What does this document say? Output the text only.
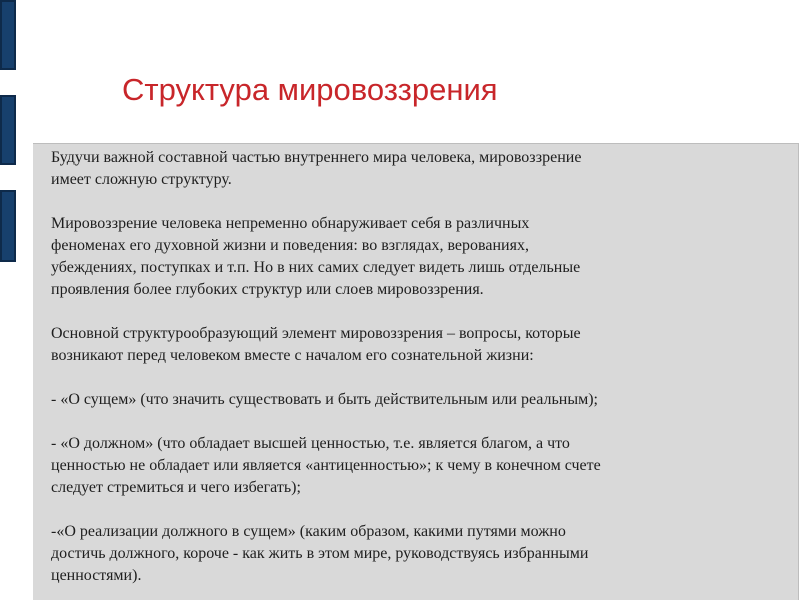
Структура мировоззрения

Будучи важной составной частью внутреннего мира человека, мировоззрение
имеет сложную структуру.

Мировоззрение человека непременно обнаруживает себя в различных
феноменах его духовной жизни и поведения: во взглядах, верованиях,
убеждениях, поступках и т.п. Но в них самих следует видеть лишь отдельные
проявления более глубоких структур или слоев мировоззрения.

Основной структурообразующий элемент мировоззрения – вопросы, которые
возникают перед человеком вместе с началом его сознательной жизни:

- «О сущем» (что значить существовать и быть действительным или реальным);

- «О должном» (что обладает высшей ценностью, т.е. является благом, а что
ценностью не обладает или является «антиценностью»; к чему в конечном счете
следует стремиться и чего избегать);

-«О реализации должного в сущем» (каким образом, какими путями можно
достичь должного, короче - как жить в этом мире, руководствуясь избранными
ценностями).
